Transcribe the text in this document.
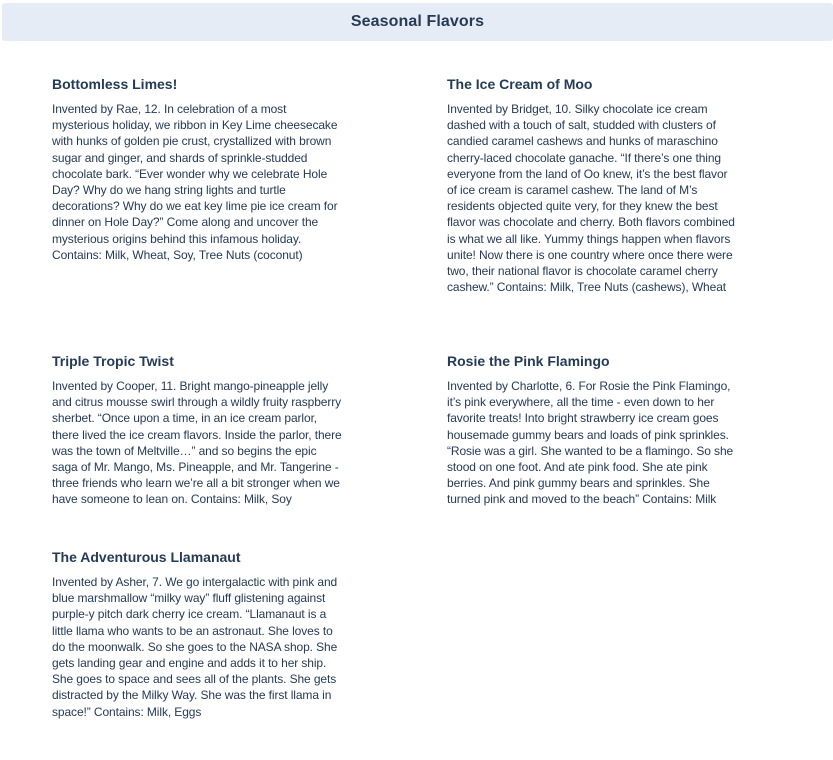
Seasonal Flavors
Bottomless Limes!

Invented by Rae, 12. In celebration of a most mysterious holiday, we ribbon in Key Lime cheesecake with hunks of golden pie crust, crystallized with brown sugar and ginger, and shards of sprinkle-studded chocolate bark. “Ever wonder why we celebrate Hole Day? Why do we hang string lights and turtle decorations? Why do we eat key lime pie ice cream for dinner on Hole Day?” Come along and uncover the mysterious origins behind this infamous holiday. Contains: Milk, Wheat, Soy, Tree Nuts (coconut)

The Ice Cream of Moo

Invented by Bridget, 10. Silky chocolate ice cream dashed with a touch of salt, studded with clusters of candied caramel cashews and hunks of maraschino cherry-laced chocolate ganache. “If there’s one thing everyone from the land of Oo knew, it’s the best flavor of ice cream is caramel cashew. The land of M’s residents objected quite very, for they knew the best flavor was chocolate and cherry. Both flavors combined is what we all like. Yummy things happen when flavors unite! Now there is one country where once there were two, their national flavor is chocolate caramel cherry cashew.” Contains: Milk, Tree Nuts (cashews), Wheat

Triple Tropic Twist

Invented by Cooper, 11. Bright mango-pineapple jelly and citrus mousse swirl through a wildly fruity raspberry sherbet. “Once upon a time, in an ice cream parlor, there lived the ice cream flavors. Inside the parlor, there was the town of Meltville…” and so begins the epic saga of Mr. Mango, Ms. Pineapple, and Mr. Tangerine - three friends who learn we’re all a bit stronger when we have someone to lean on. Contains: Milk, Soy

Rosie the Pink Flamingo

Invented by Charlotte, 6. For Rosie the Pink Flamingo, it’s pink everywhere, all the time - even down to her favorite treats! Into bright strawberry ice cream goes housemade gummy bears and loads of pink sprinkles. “Rosie was a girl. She wanted to be a flamingo. So she stood on one foot. And ate pink food. She ate pink berries. And pink gummy bears and sprinkles. She turned pink and moved to the beach” Contains: Milk

The Adventurous Llamanaut

Invented by Asher, 7. We go intergalactic with pink and blue marshmallow “milky way” fluff glistening against purple-y pitch dark cherry ice cream. “Llamanaut is a little llama who wants to be an astronaut. She loves to do the moonwalk. So she goes to the NASA shop. She gets landing gear and engine and adds it to her ship. She goes to space and sees all of the plants. She gets distracted by the Milky Way. She was the first llama in space!” Contains: Milk, Eggs
